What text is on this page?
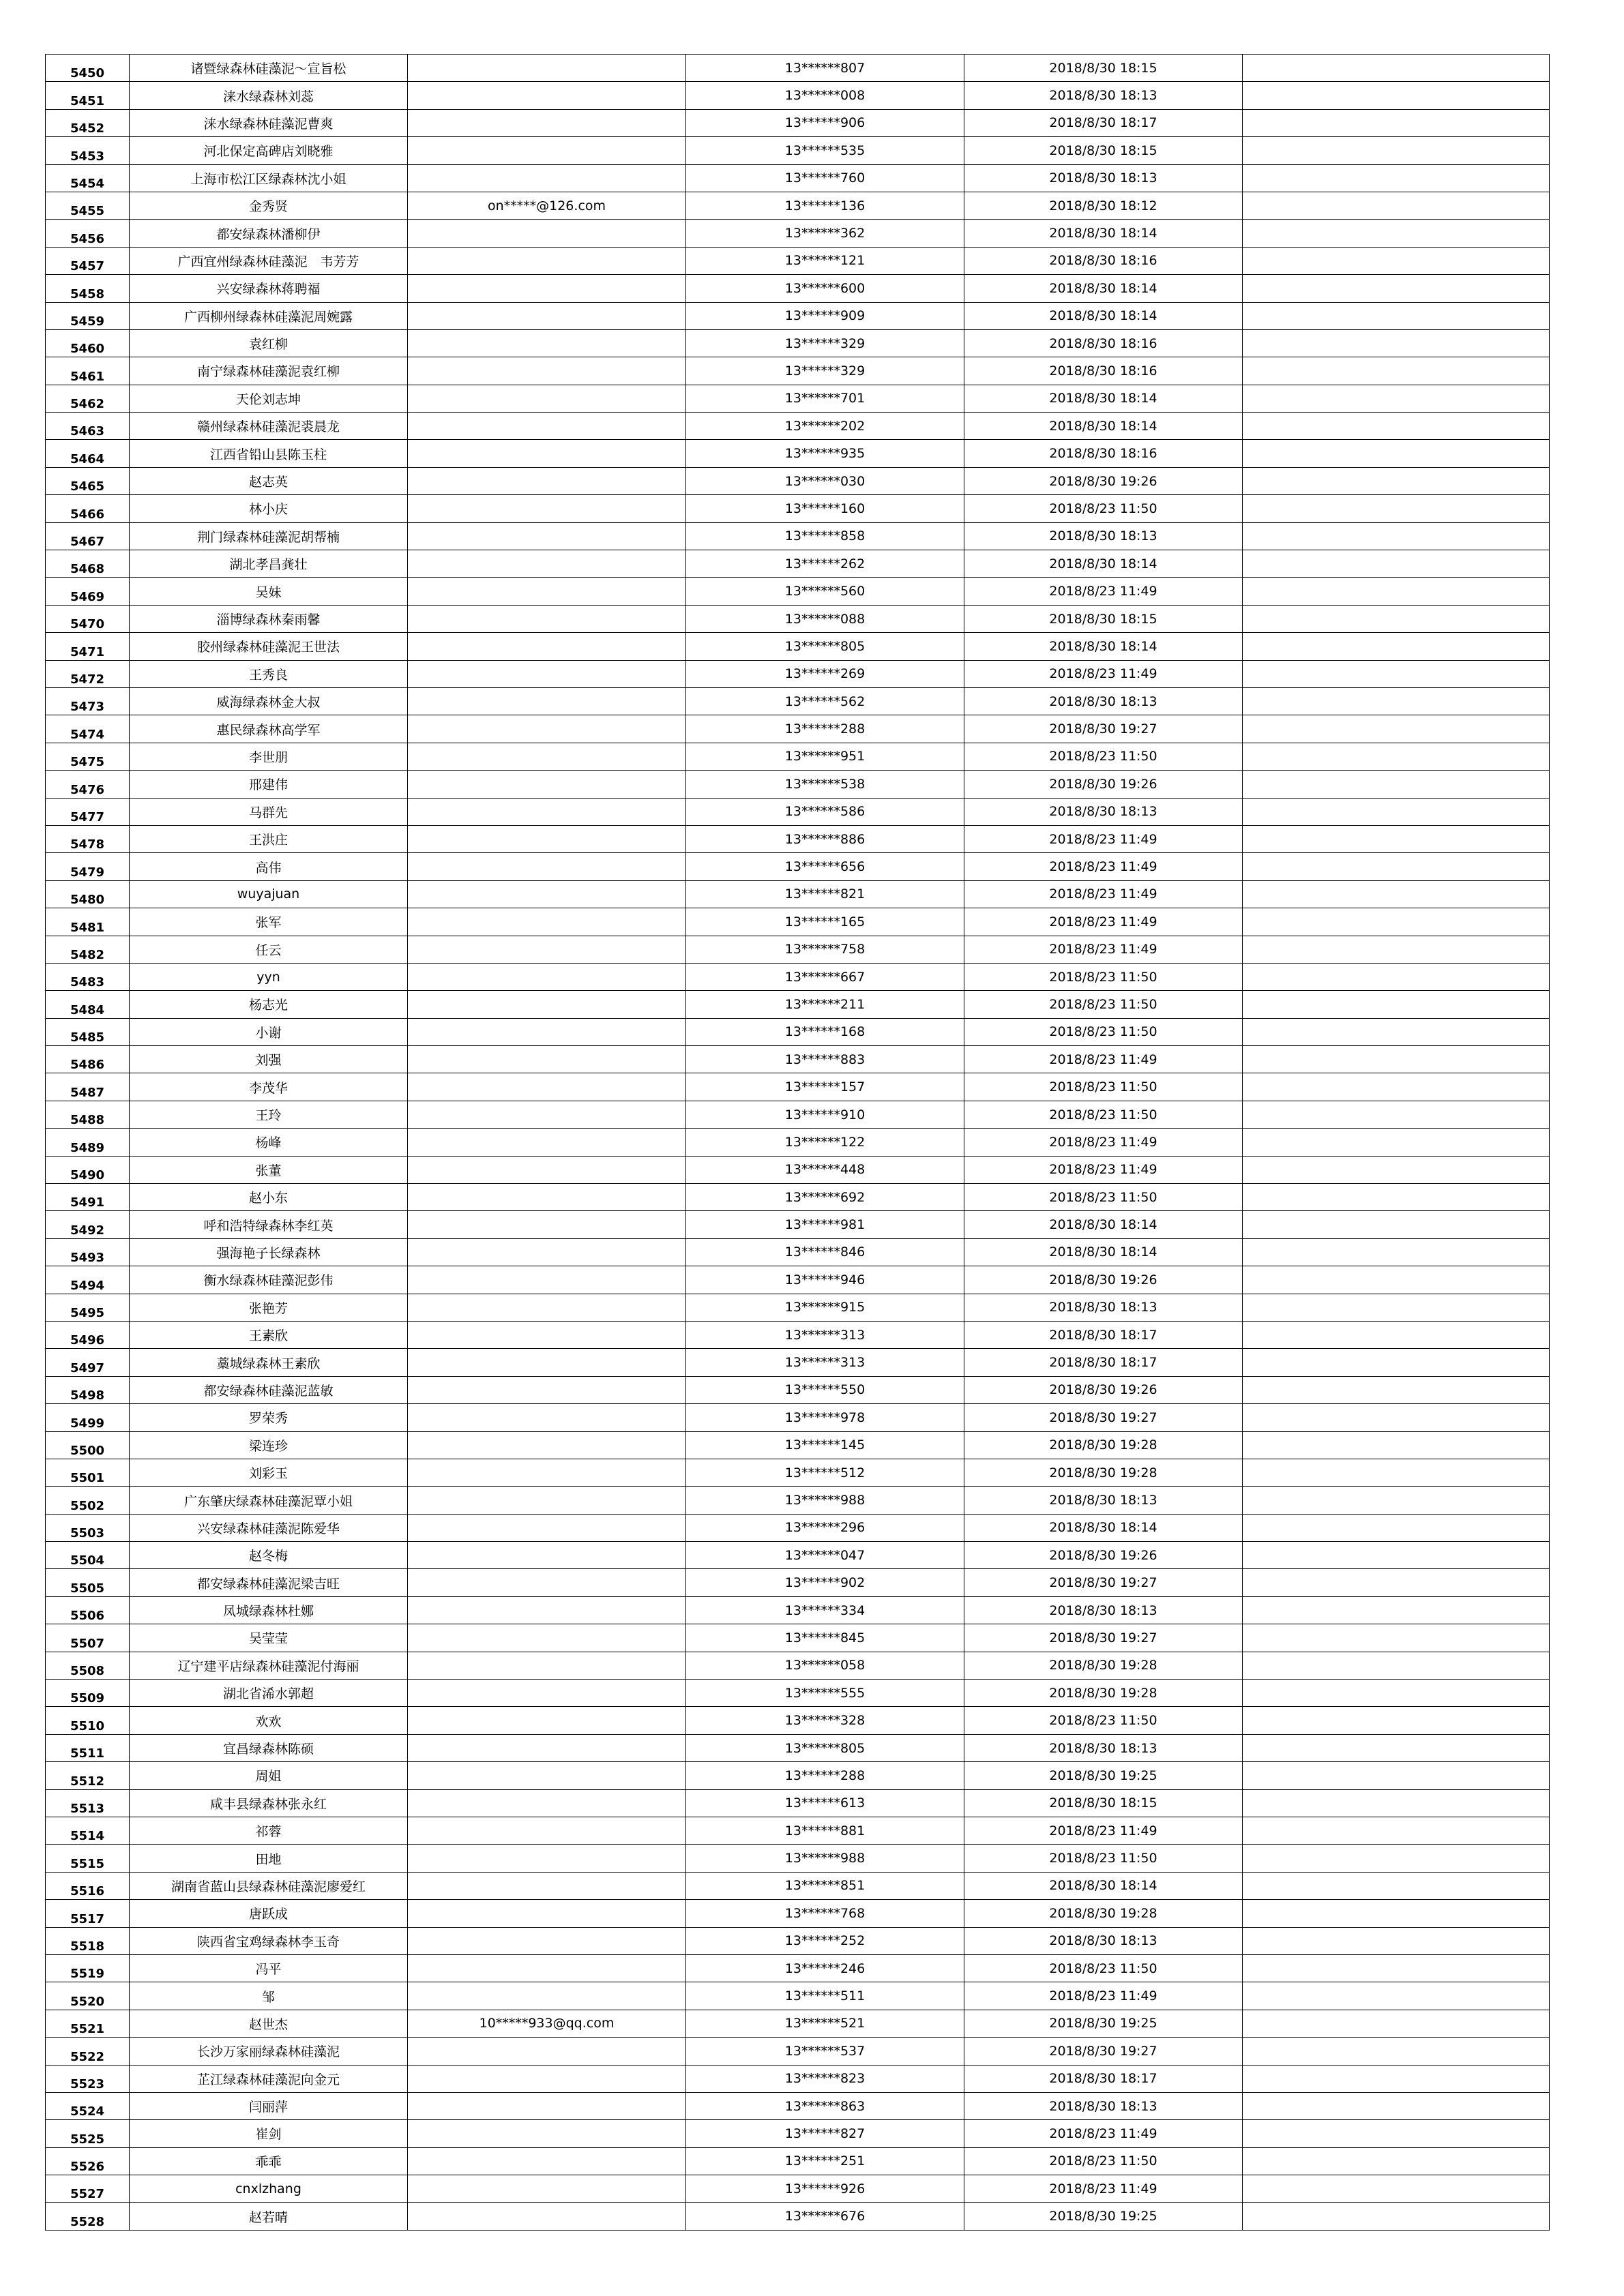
5450	诸暨绿森林硅藻泥～宣旨松		13******807	2018/8/30 18:15	
5451	涞水绿森林刘蕊		13******008	2018/8/30 18:13	
5452	涞水绿森林硅藻泥曹爽		13******906	2018/8/30 18:17	
5453	河北保定高碑店刘晓雅		13******535	2018/8/30 18:15	
5454	上海市松江区绿森林沈小姐		13******760	2018/8/30 18:13	
5455	金秀贤	on*****@126.com	13******136	2018/8/30 18:12	
5456	都安绿森林潘柳伊		13******362	2018/8/30 18:14	
5457	广西宜州绿森林硅藻泥　韦芳芳		13******121	2018/8/30 18:16	
5458	兴安绿森林蒋聘福		13******600	2018/8/30 18:14	
5459	广西柳州绿森林硅藻泥周婉露		13******909	2018/8/30 18:14	
5460	袁红柳		13******329	2018/8/30 18:16	
5461	南宁绿森林硅藻泥袁红柳		13******329	2018/8/30 18:16	
5462	天伦刘志坤		13******701	2018/8/30 18:14	
5463	赣州绿森林硅藻泥裘晨龙		13******202	2018/8/30 18:14	
5464	江西省铅山县陈玉柱		13******935	2018/8/30 18:16	
5465	赵志英		13******030	2018/8/30 19:26	
5466	林小庆		13******160	2018/8/23 11:50	
5467	荆门绿森林硅藻泥胡帮楠		13******858	2018/8/30 18:13	
5468	湖北孝昌龚壮		13******262	2018/8/30 18:14	
5469	吴妹		13******560	2018/8/23 11:49	
5470	淄博绿森林秦雨馨		13******088	2018/8/30 18:15	
5471	胶州绿森林硅藻泥王世法		13******805	2018/8/30 18:14	
5472	王秀良		13******269	2018/8/23 11:49	
5473	威海绿森林金大叔		13******562	2018/8/30 18:13	
5474	惠民绿森林高学军		13******288	2018/8/30 19:27	
5475	李世朋		13******951	2018/8/23 11:50	
5476	邢建伟		13******538	2018/8/30 19:26	
5477	马群先		13******586	2018/8/30 18:13	
5478	王洪庄		13******886	2018/8/23 11:49	
5479	高伟		13******656	2018/8/23 11:49	
5480	wuyajuan		13******821	2018/8/23 11:49	
5481	张军		13******165	2018/8/23 11:49	
5482	任云		13******758	2018/8/23 11:49	
5483	yyn		13******667	2018/8/23 11:50	
5484	杨志光		13******211	2018/8/23 11:50	
5485	小谢		13******168	2018/8/23 11:50	
5486	刘强		13******883	2018/8/23 11:49	
5487	李茂华		13******157	2018/8/23 11:50	
5488	王玲		13******910	2018/8/23 11:50	
5489	杨峰		13******122	2018/8/23 11:49	
5490	张董		13******448	2018/8/23 11:49	
5491	赵小东		13******692	2018/8/23 11:50	
5492	呼和浩特绿森林李红英		13******981	2018/8/30 18:14	
5493	强海艳子长绿森林		13******846	2018/8/30 18:14	
5494	衡水绿森林硅藻泥彭伟		13******946	2018/8/30 19:26	
5495	张艳芳		13******915	2018/8/30 18:13	
5496	王素欣		13******313	2018/8/30 18:17	
5497	藁城绿森林王素欣		13******313	2018/8/30 18:17	
5498	都安绿森林硅藻泥蓝敏		13******550	2018/8/30 19:26	
5499	罗荣秀		13******978	2018/8/30 19:27	
5500	梁连珍		13******145	2018/8/30 19:28	
5501	刘彩玉		13******512	2018/8/30 19:28	
5502	广东肇庆绿森林硅藻泥覃小姐		13******988	2018/8/30 18:13	
5503	兴安绿森林硅藻泥陈爱华		13******296	2018/8/30 18:14	
5504	赵冬梅		13******047	2018/8/30 19:26	
5505	都安绿森林硅藻泥梁吉旺		13******902	2018/8/30 19:27	
5506	凤城绿森林杜娜		13******334	2018/8/30 18:13	
5507	吴莹莹		13******845	2018/8/30 19:27	
5508	辽宁建平店绿森林硅藻泥付海丽		13******058	2018/8/30 19:28	
5509	湖北省浠水郭超		13******555	2018/8/30 19:28	
5510	欢欢		13******328	2018/8/23 11:50	
5511	宜昌绿森林陈硕		13******805	2018/8/30 18:13	
5512	周姐		13******288	2018/8/30 19:25	
5513	咸丰县绿森林张永红		13******613	2018/8/30 18:15	
5514	祁蓉		13******881	2018/8/23 11:49	
5515	田地		13******988	2018/8/23 11:50	
5516	湖南省蓝山县绿森林硅藻泥廖爱红		13******851	2018/8/30 18:14	
5517	唐跃成		13******768	2018/8/30 19:28	
5518	陕西省宝鸡绿森林李玉奇		13******252	2018/8/30 18:13	
5519	冯平		13******246	2018/8/23 11:50	
5520	邹		13******511	2018/8/23 11:49	
5521	赵世杰	10*****933@qq.com	13******521	2018/8/30 19:25	
5522	长沙万家丽绿森林硅藻泥		13******537	2018/8/30 19:27	
5523	芷江绿森林硅藻泥向金元		13******823	2018/8/30 18:17	
5524	闫丽萍		13******863	2018/8/30 18:13	
5525	崔剑		13******827	2018/8/23 11:49	
5526	乖乖		13******251	2018/8/23 11:50	
5527	cnxlzhang		13******926	2018/8/23 11:49	
5528	赵若晴		13******676	2018/8/30 19:25	
